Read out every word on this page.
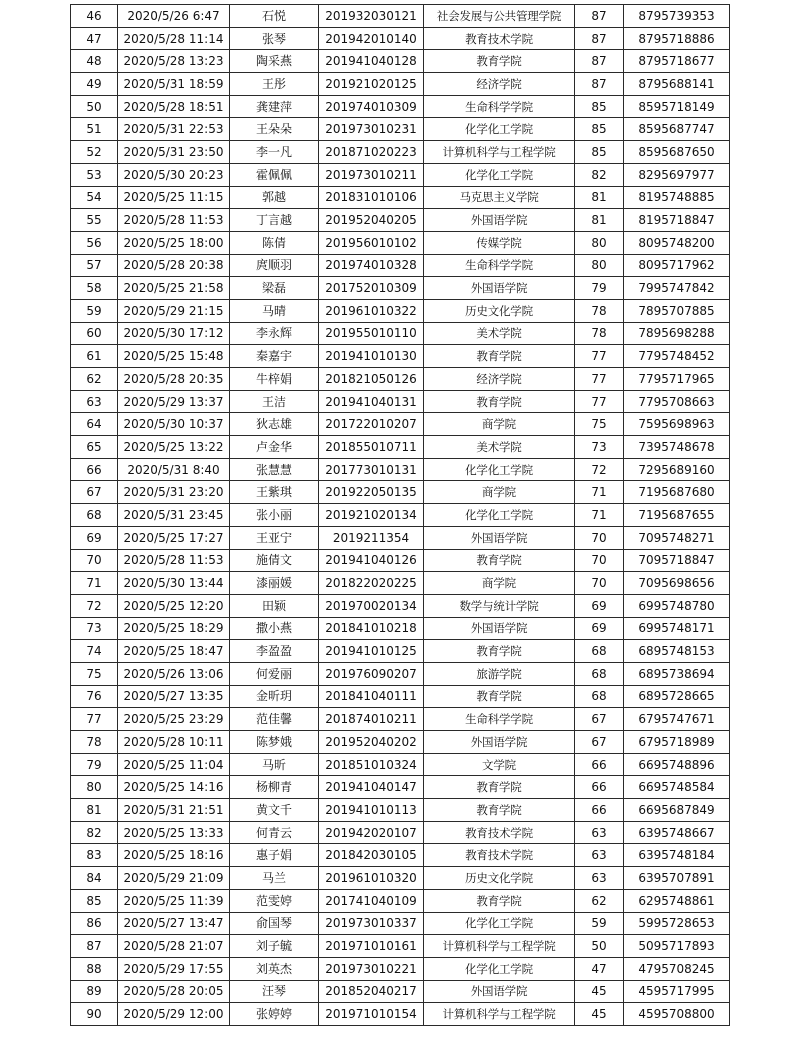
46	2020/5/26 6:47	石悦	201932030121	社会发展与公共管理学院	87	8795739353
47	2020/5/28 11:14	张琴	201942010140	教育技术学院	87	8795718886
48	2020/5/28 13:23	陶采燕	201941040128	教育学院	87	8795718677
49	2020/5/31 18:59	王彤	201921020125	经济学院	87	8795688141
50	2020/5/28 18:51	龚建萍	201974010309	生命科学学院	85	8595718149
51	2020/5/31 22:53	王朵朵	201973010231	化学化工学院	85	8595687747
52	2020/5/31 23:50	李一凡	201871020223	计算机科学与工程学院	85	8595687650
53	2020/5/30 20:23	霍佩佩	201973010211	化学化工学院	82	8295697977
54	2020/5/25 11:15	郭越	201831010106	马克思主义学院	81	8195748885
55	2020/5/28 11:53	丁言越	201952040205	外国语学院	81	8195718847
56	2020/5/25 18:00	陈倩	201956010102	传媒学院	80	8095748200
57	2020/5/28 20:38	庹顺羽	201974010328	生命科学学院	80	8095717962
58	2020/5/25 21:58	梁磊	201752010309	外国语学院	79	7995747842
59	2020/5/29 21:15	马晴	201961010322	历史文化学院	78	7895707885
60	2020/5/30 17:12	李永辉	201955010110	美术学院	78	7895698288
61	2020/5/25 15:48	秦嘉宇	201941010130	教育学院	77	7795748452
62	2020/5/28 20:35	牛梓娟	201821050126	经济学院	77	7795717965
63	2020/5/29 13:37	王洁	201941040131	教育学院	77	7795708663
64	2020/5/30 10:37	狄志雄	201722010207	商学院	75	7595698963
65	2020/5/25 13:22	卢金华	201855010711	美术学院	73	7395748678
66	2020/5/31 8:40	张慧慧	201773010131	化学化工学院	72	7295689160
67	2020/5/31 23:20	王紫琪	201922050135	商学院	71	7195687680
68	2020/5/31 23:45	张小丽	201921020134	化学化工学院	71	7195687655
69	2020/5/25 17:27	王亚宁	2019211354	外国语学院	70	7095748271
70	2020/5/28 11:53	施倩文	201941040126	教育学院	70	7095718847
71	2020/5/30 13:44	漆丽媛	201822020225	商学院	70	7095698656
72	2020/5/25 12:20	田颖	201970020134	数学与统计学院	69	6995748780
73	2020/5/25 18:29	撒小燕	201841010218	外国语学院	69	6995748171
74	2020/5/25 18:47	李盈盈	201941010125	教育学院	68	6895748153
75	2020/5/26 13:06	何爱丽	201976090207	旅游学院	68	6895738694
76	2020/5/27 13:35	金昕玥	201841040111	教育学院	68	6895728665
77	2020/5/25 23:29	范佳馨	201874010211	生命科学学院	67	6795747671
78	2020/5/28 10:11	陈梦娥	201952040202	外国语学院	67	6795718989
79	2020/5/25 11:04	马昕	201851010324	文学院	66	6695748896
80	2020/5/25 14:16	杨柳青	201941040147	教育学院	66	6695748584
81	2020/5/31 21:51	黄文千	201941010113	教育学院	66	6695687849
82	2020/5/25 13:33	何青云	201942020107	教育技术学院	63	6395748667
83	2020/5/25 18:16	惠子娟	201842030105	教育技术学院	63	6395748184
84	2020/5/29 21:09	马兰	201961010320	历史文化学院	63	6395707891
85	2020/5/25 11:39	范雯婷	201741040109	教育学院	62	6295748861
86	2020/5/27 13:47	俞国琴	201973010337	化学化工学院	59	5995728653
87	2020/5/28 21:07	刘子毓	201971010161	计算机科学与工程学院	50	5095717893
88	2020/5/29 17:55	刘英杰	201973010221	化学化工学院	47	4795708245
89	2020/5/28 20:05	汪琴	201852040217	外国语学院	45	4595717995
90	2020/5/29 12:00	张婷婷	201971010154	计算机科学与工程学院	45	4595708800
